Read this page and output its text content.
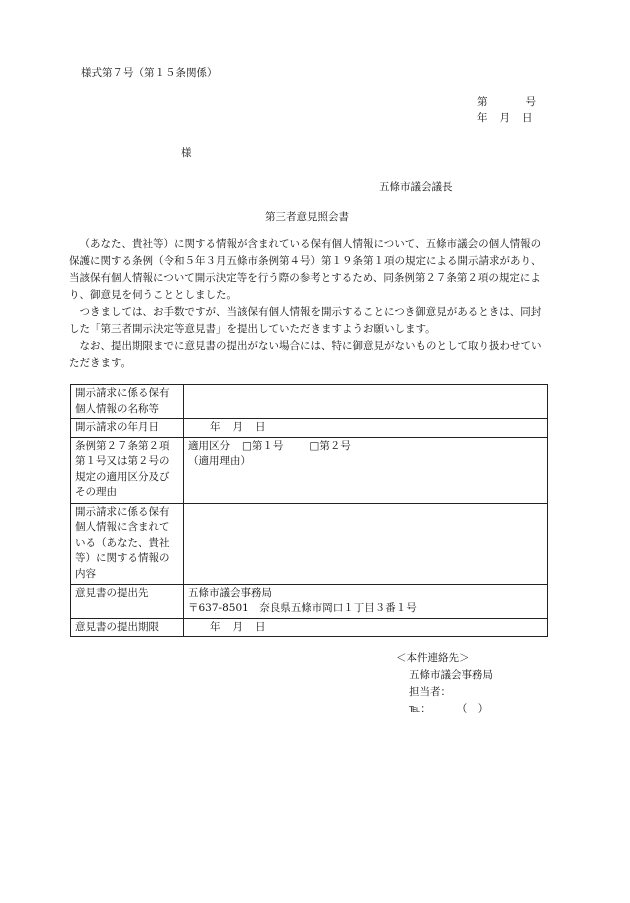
様式第７号（第１５条関係）
第	号
年 月 日
様
五條市議会議長
第三者意見照会書

（あなた、貴社等）に関する情報が含まれている保有個人情報について、五條市議会の個人情報の保護に関する条例（令和５年３月五條市条例第４号）第１９条第１項の規定による開示請求があり、当該保有個人情報について開示決定等を行う際の参考とするため、同条例第２７条第２項の規定により、御意見を伺うこととしました。

つきましては、お手数ですが、当該保有個人情報を開示することにつき御意見があるときは、同封した「第三者開示決定等意見書」を提出していただきますようお願いします。

なお、提出期限までに意見書の提出がない場合には、特に御意見がないものとして取り扱わせていただきます。

開示請求に係る保有個人情報の名称等	
開示請求の年月日	年 月 日
条例第２７条第２項第１号又は第２号の規定の適用区分及びその理由	適用区分 □第１号 □第２号
（適用理由）

開示請求に係る保有個人情報に含まれている（あなた、貴社等）に関する情報の内容	
意見書の提出先	五條市議会事務局
〒637-8501　奈良県五條市岡口１丁目３番１号

意見書の提出期限	年 月 日
＜本件連絡先＞
五條市議会事務局
担当者：
℡： （　）
